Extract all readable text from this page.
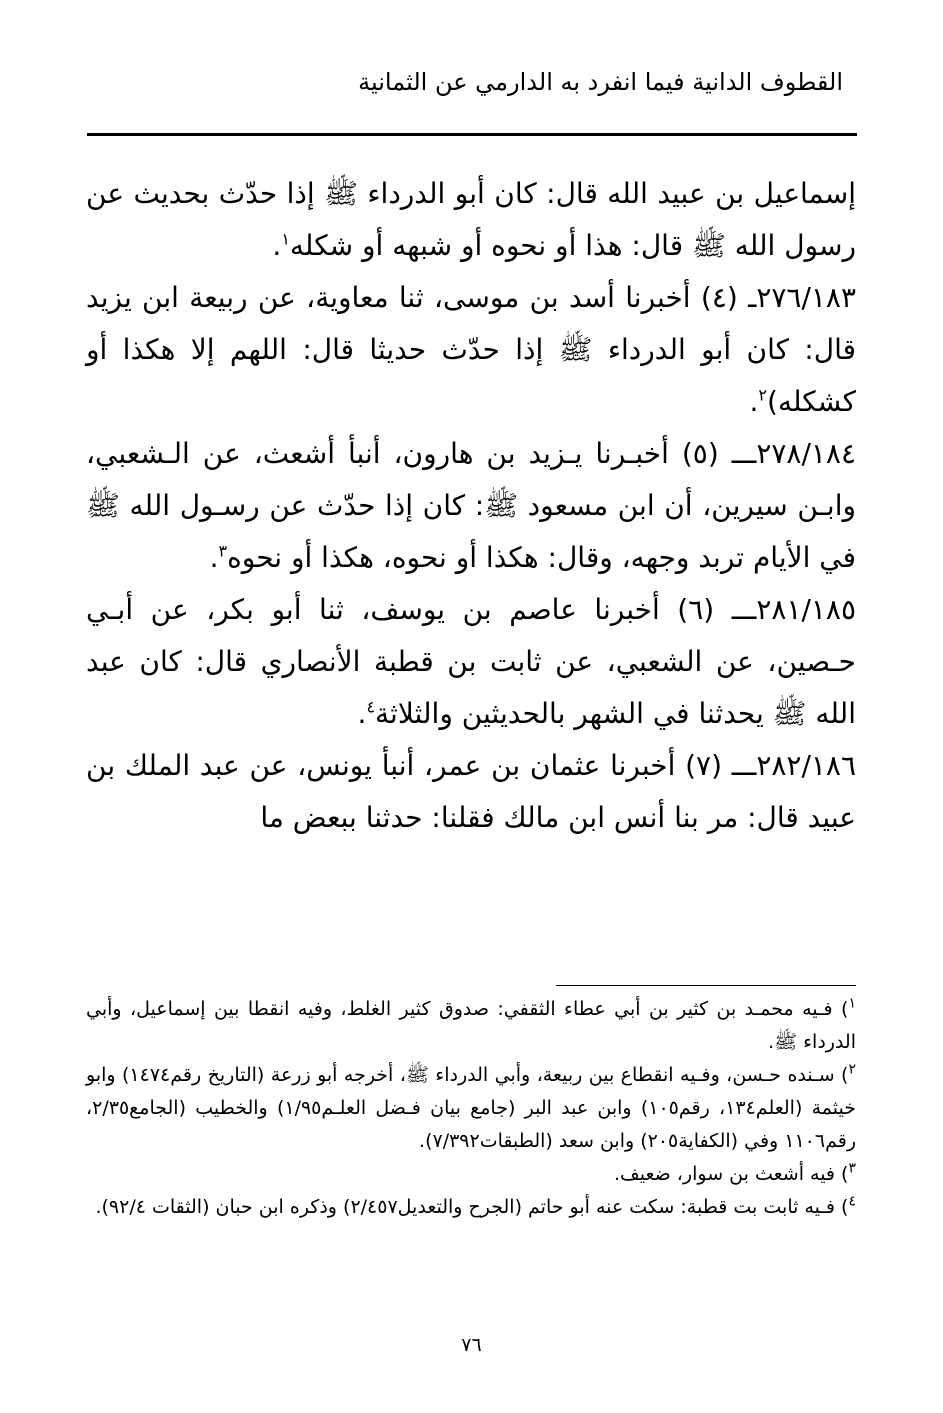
القطوف الدانية فيما انفرد به الدارمي عن الثمانية

إسماعيل بن عبيد الله قال: كان أبو الدرداء ﷺ إذا حدّث بحديث عن رسول الله ﷺ قال: هذا أو نحوه أو شبهه أو شكله$^١$.

٢٧٦/١٨٣ـ (٤) أخبرنا أسد بن موسى، ثنا معاوية، عن ربيعة ابن يزيد قال: كان أبو الدرداء ﷺ إذا حدّث حديثا قال: اللهم إلا هكذا أو كشكله)$^٢$.

٢٧٨/١٨٤ـــ (٥) أخبـرنا يـزيد بن هارون، أنبأ أشعث، عن الـشعبي، وابـن سيرين، أن ابن مسعود ﷺ: كان إذا حدّث عن رسـول الله ﷺ في الأيام تربد وجهه، وقال: هكذا أو نحوه، هكذا أو نحوه$^٣$.

٢٨١/١٨٥ـــ (٦) أخبرنا عاصم بن يوسف، ثنا أبو بكر، عن أبـي حـصين، عن الشعبي، عن ثابت بن قطبة الأنصاري قال: كان عبد الله ﷺ يحدثنا في الشهر بالحديثين والثلاثة$^٤$.

٢٨٢/١٨٦ـــ (٧) أخبرنا عثمان بن عمر، أنبأ يونس، عن عبد الملك بن عبيد قال: مر بنا أنس ابن مالك فقلنا: حدثنا ببعض ما

$^١$) فـيه محمـد بن كثير بن أبي عطاء الثقفي: صدوق كثير الغلط، وفيه انقطا بين إسماعيل، وأبي الدرداء ﷺ.

$^٢$) سـنده حـسن، وفـيه انقطاع بين ربيعة، وأبي الدرداء ﷺ، أخرجه أبو زرعة (التاريخ رقم١٤٧٤) وابو خيثمة (العلم١٣٤، رقم١٠٥) وابن عبد البر (جامع بيان فـضل العلـم١/٩٥) والخطيب (الجامع٢/٣٥، رقم١١٠٦ وفي (الكفاية٢٠٥) وابن سعد (الطبقات٧/٣٩٢).

$^٣$) فيه أشعث بن سوار، ضعيف.

$^٤$) فـيه ثابت بت قطبة: سكت عنه أبو حاتم (الجرح والتعديل٢/٤٥٧) وذكره ابن حبان (الثقات ٩٢/٤).

٧٦
